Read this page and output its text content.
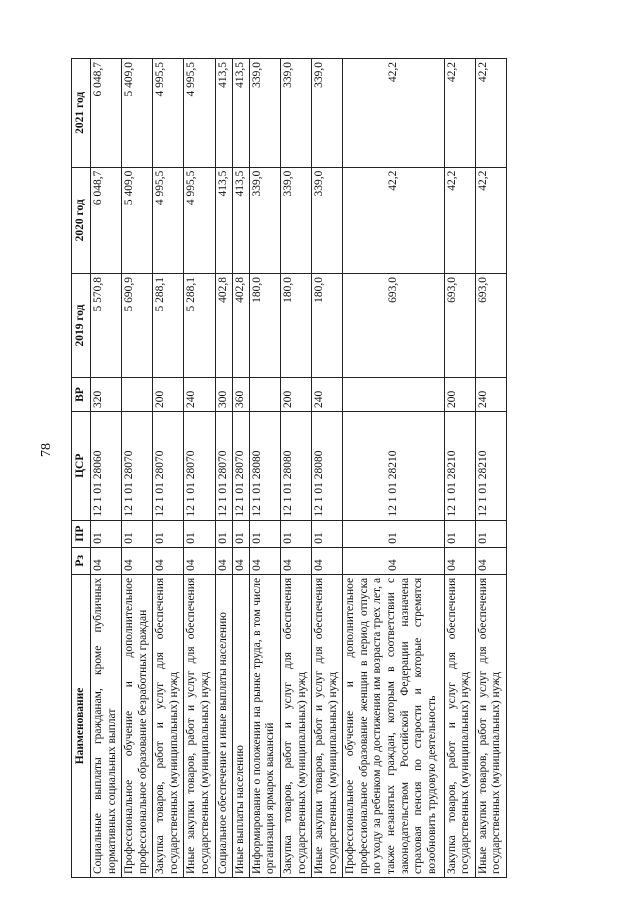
78
Наименование	Рз	ПР	ЦСР	ВР	2019 год	2020 год	2021 год
Социальные выплаты гражданам, кроме публичных нормативных социальных выплат	04	01	12 1 01 28060	320	5 570,8	6 048,7	6 048,7
Профессиональное обучение и дополнительное профессиональное образование безработных граждан	04	01	12 1 01 28070		5 690,9	5 409,0	5 409,0
Закупка товаров, работ и услуг для обеспечения государственных (муниципальных) нужд	04	01	12 1 01 28070	200	5 288,1	4 995,5	4 995,5
Иные закупки товаров, работ и услуг для обеспечения государственных (муниципальных) нужд	04	01	12 1 01 28070	240	5 288,1	4 995,5	4 995,5
Социальное обеспечение и иные выплаты населению	04	01	12 1 01 28070	300	402,8	413,5	413,5
Иные выплаты населению	04	01	12 1 01 28070	360	402,8	413,5	413,5
Информирование о положении на рынке труда, в том числе организация ярмарок вакансий	04	01	12 1 01 28080		180,0	339,0	339,0
Закупка товаров, работ и услуг для обеспечения государственных (муниципальных) нужд	04	01	12 1 01 28080	200	180,0	339,0	339,0
Иные закупки товаров, работ и услуг для обеспечения государственных (муниципальных) нужд	04	01	12 1 01 28080	240	180,0	339,0	339,0
Профессиональное обучение и дополнительное профессиональное образование женщин в период отпуска по уходу за ребенком до достижения им возраста трех лет, а также незанятых граждан, которым в соответствии с законодательством Российской Федерации назначена страховая пенсия по старости и которые стремятся возобновить трудовую деятельность	04	01	12 1 01 28210		693,0	42,2	42,2
Закупка товаров, работ и услуг для обеспечения государственных (муниципальных) нужд	04	01	12 1 01 28210	200	693,0	42,2	42,2
Иные закупки товаров, работ и услуг для обеспечения государственных (муниципальных) нужд	04	01	12 1 01 28210	240	693,0	42,2	42,2
